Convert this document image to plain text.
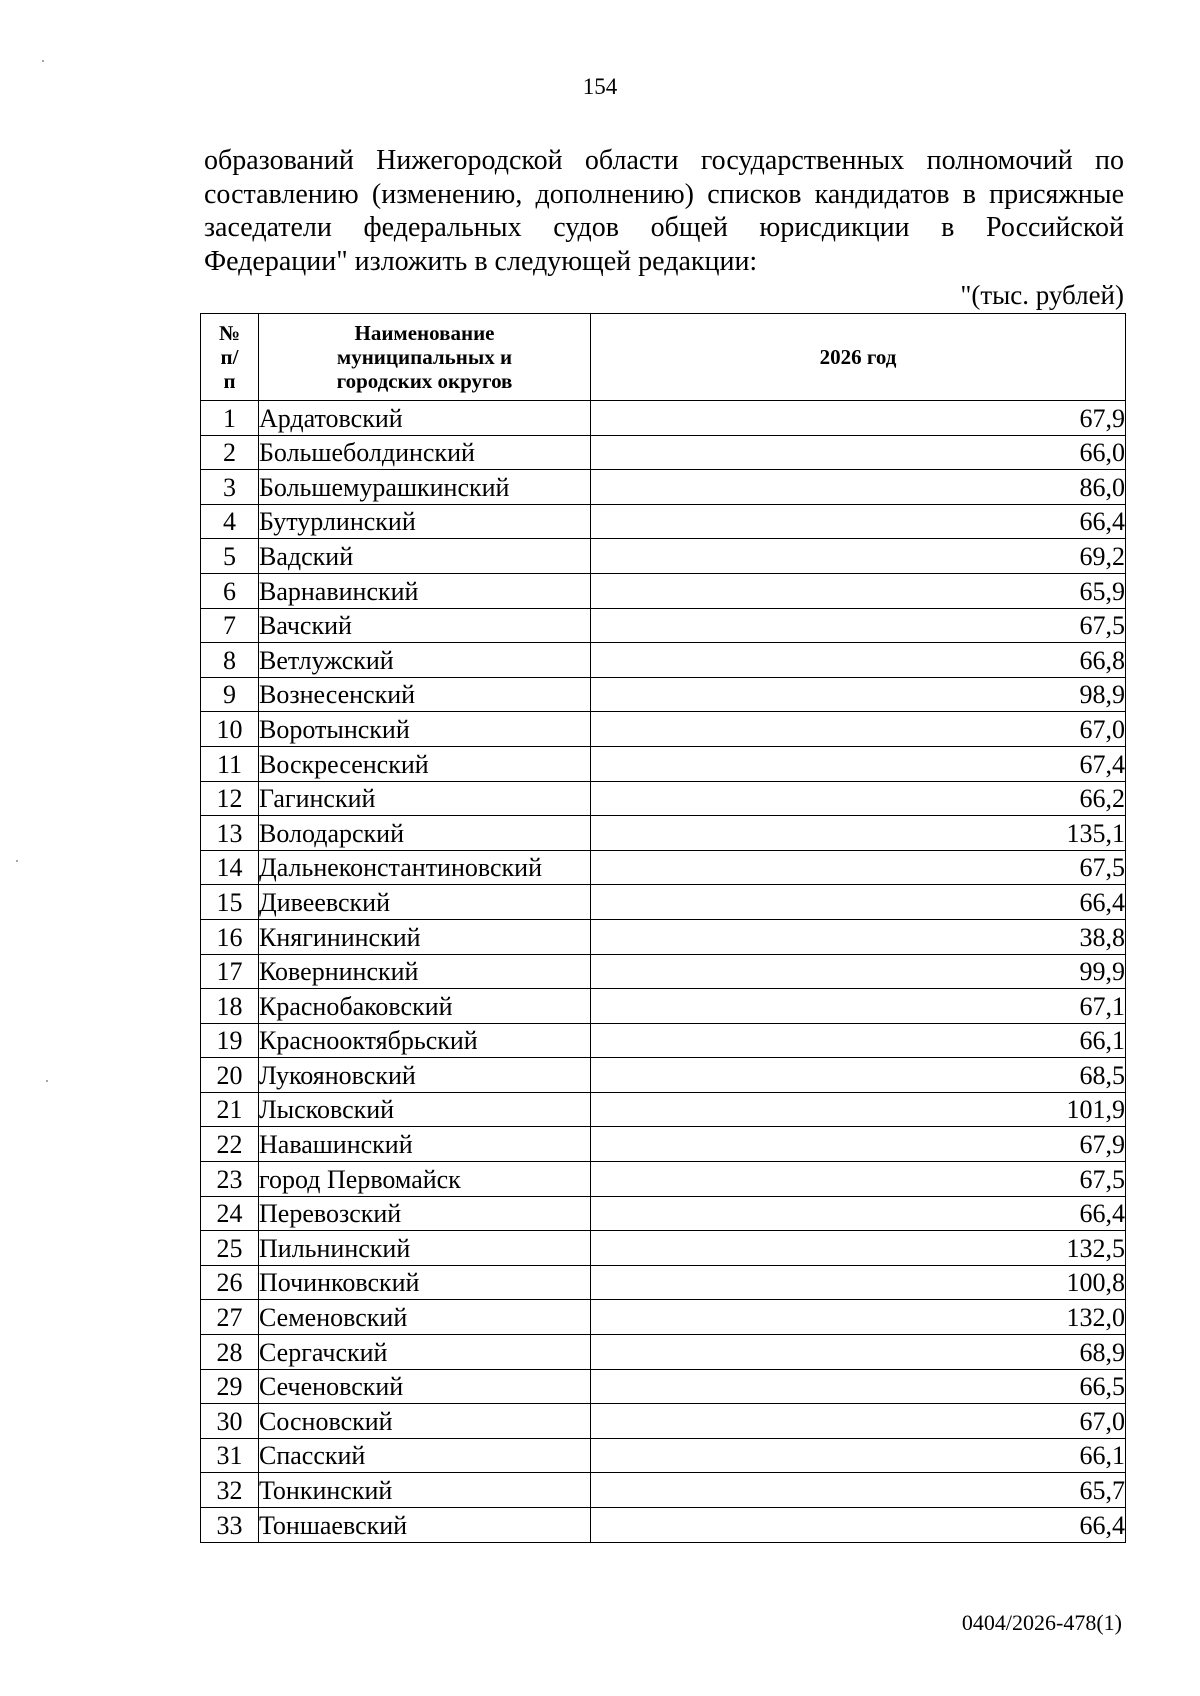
154
образований Нижегородской области государственных полномочий по составлению (изменению, дополнению) списков кандидатов в присяжные заседатели федеральных судов общей юрисдикции в Российской Федерации" изложить в следующей редакции:
"(тыс. рублей)
№ п/п	Наименование муниципальных и городских округов	2026 год
1	Ардатовский	67,9
2	Большеболдинский	66,0
3	Большемурашкинский	86,0
4	Бутурлинский	66,4
5	Вадский	69,2
6	Варнавинский	65,9
7	Вачский	67,5
8	Ветлужский	66,8
9	Вознесенский	98,9
10	Воротынский	67,0
11	Воскресенский	67,4
12	Гагинский	66,2
13	Володарский	135,1
14	Дальнеконстантиновский	67,5
15	Дивеевский	66,4
16	Княгининский	38,8
17	Ковернинский	99,9
18	Краснобаковский	67,1
19	Краснооктябрьский	66,1
20	Лукояновский	68,5
21	Лысковский	101,9
22	Навашинский	67,9
23	город Первомайск	67,5
24	Перевозский	66,4
25	Пильнинский	132,5
26	Починковский	100,8
27	Семеновский	132,0
28	Сергачский	68,9
29	Сеченовский	66,5
30	Сосновский	67,0
31	Спасский	66,1
32	Тонкинский	65,7
33	Тоншаевский	66,4
0404/2026-478(1)
